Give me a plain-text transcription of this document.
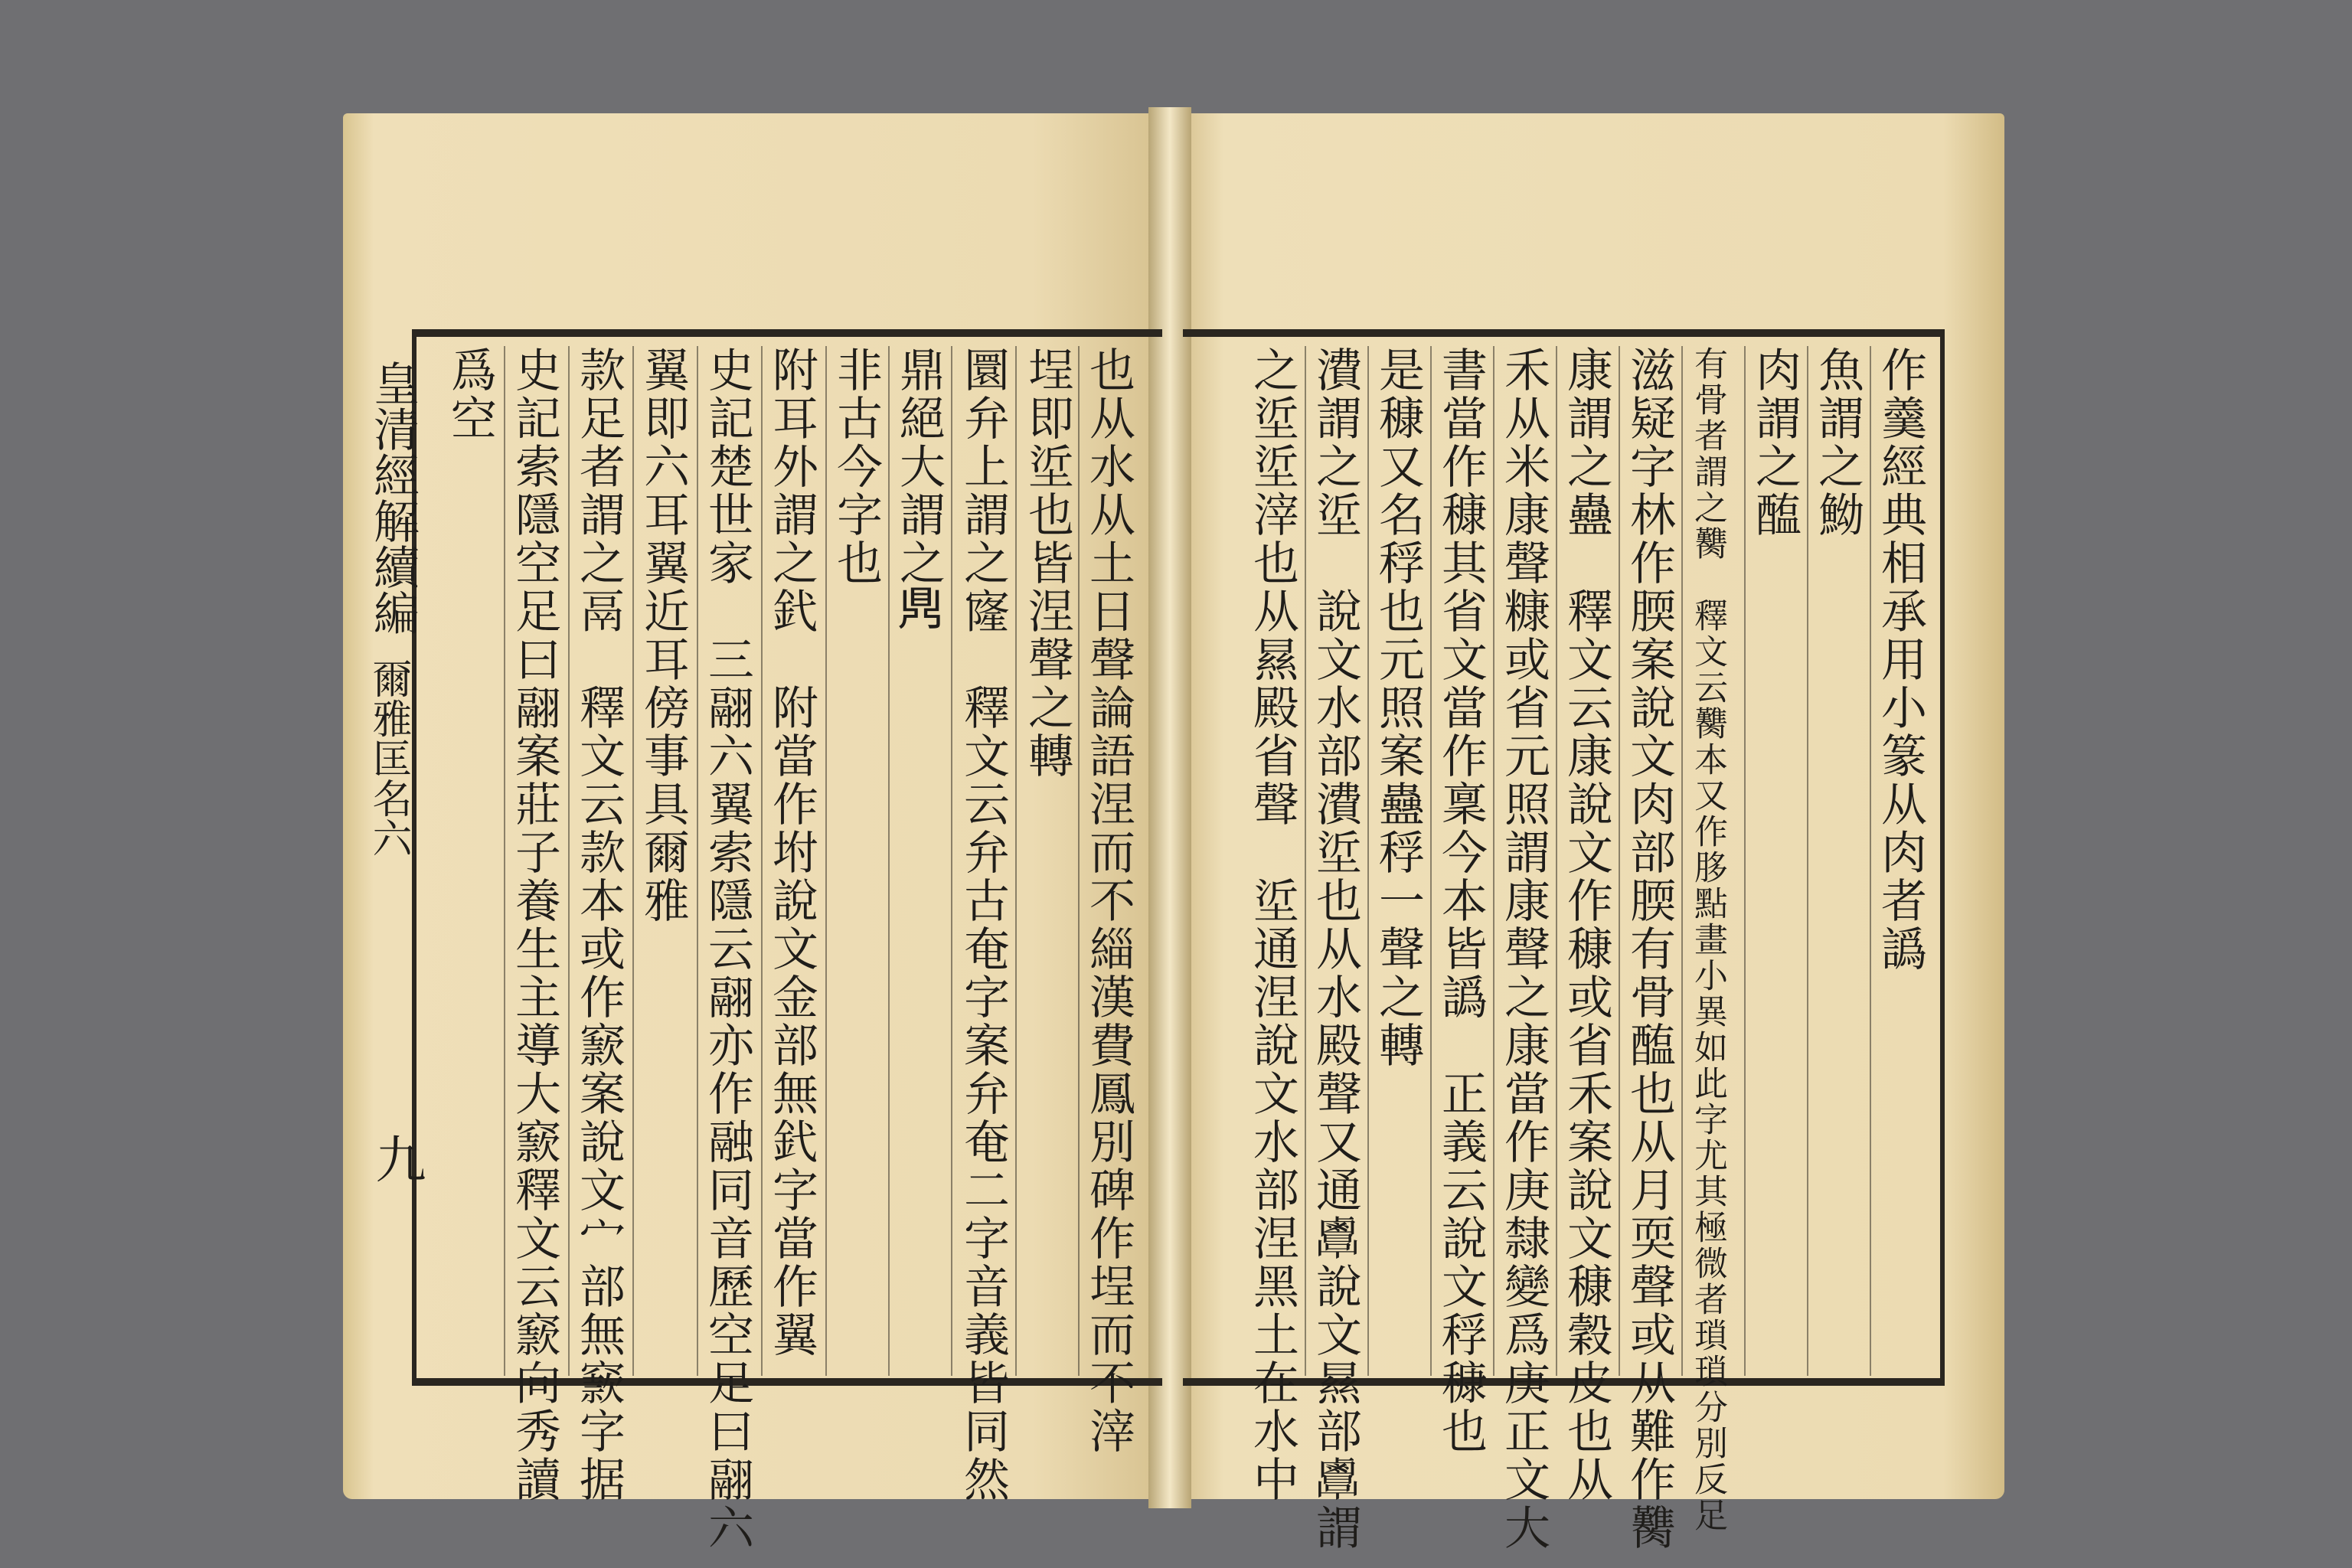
也从水从土日聲論語涅而不緇漢費鳳別碑作埕而不滓
埕即垽也皆涅聲之轉
圜弁上謂之㝫　釋文云弁古奄字案弁奄二字音義皆同然
鼎絕大謂之𪔂
非古今字也
附耳外謂之釴　附當作坿說文金部無釴字當作翼
史記楚世家　三翮六翼索隱云翮亦作融同音歷空足曰翮六
翼即六耳翼近耳傍事具爾雅
款足者謂之鬲　釋文云款本或作窾案說文宀部無窾字据
史記索隱空足曰翮案莊子養生主導大窾釋文云窾向秀讀
爲空
皇清經解續編
爾雅匡名六
九
作羹經典相承用小篆从肉者譌
魚謂之䱂
肉謂之醢
有骨者謂之臡　釋文云臡本又作䏧點畫小異如此字尤其極微者瑣瑣分別反足
滋疑字林作腝案說文肉部腝有骨醢也从月耎聲或从難作臡
康謂之蠱　釋文云康說文作穅或省禾案說文穅穀皮也从
禾从米康聲糠或省元照謂康聲之康當作庚隸變爲庚正文大
書當作穅其省文當作稟今本皆譌　正義云說文稃穅也
是穅又名稃也元照案蠱稃一聲之轉
㵒謂之垽　說文水部㵒垽也从水殿聲又通𪉷說文㬎部𪉷謂
之垽垽滓也从㬎殿省聲　垽通涅說文水部涅黑土在水中
